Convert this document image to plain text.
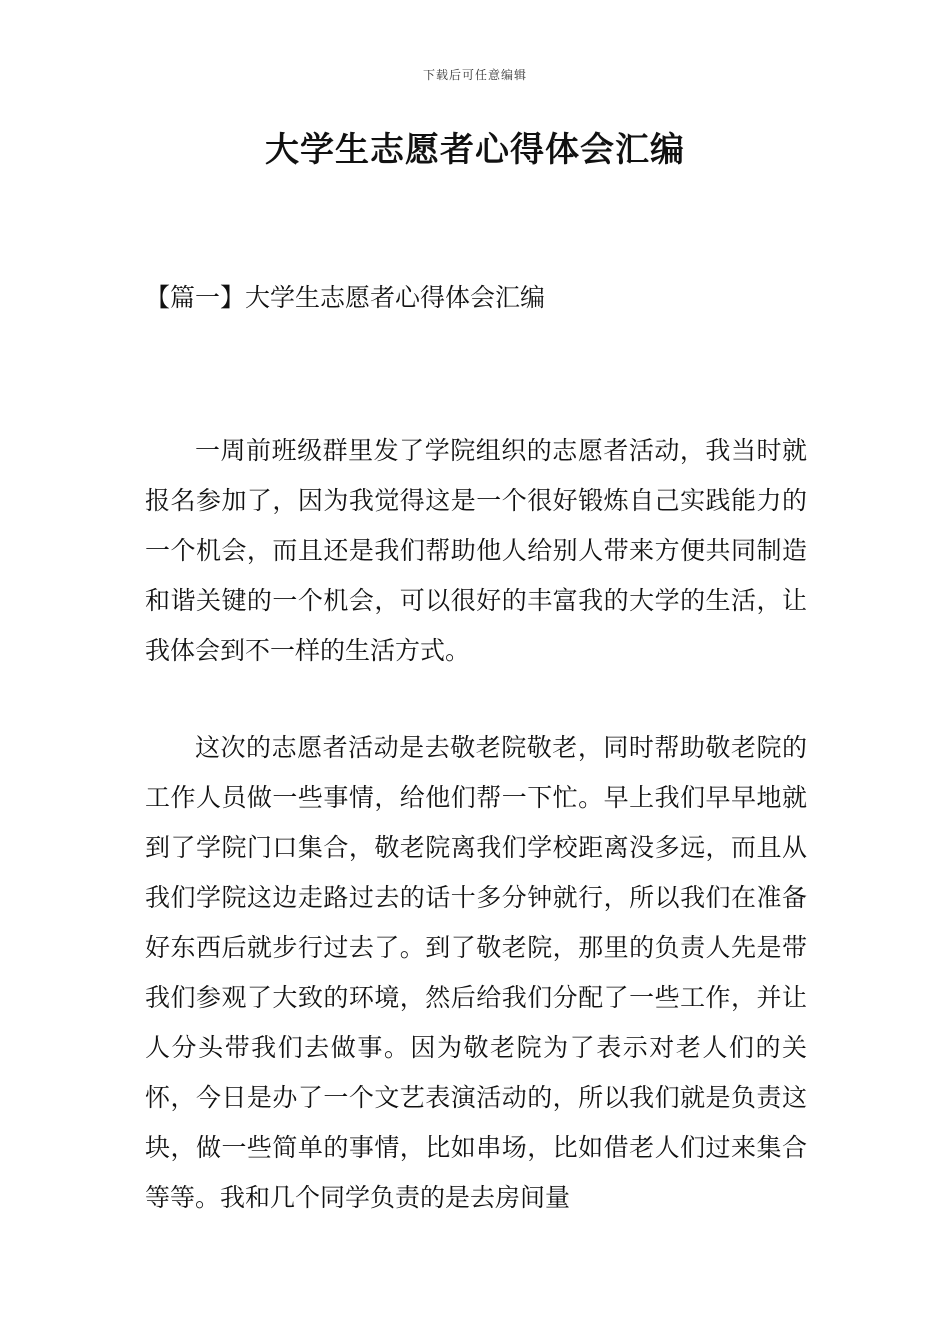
下载后可任意编辑
大学生志愿者心得体会汇编
【篇一】大学生志愿者心得体会汇编

一周前班级群里发了学院组织的志愿者活动，我当时就报名参加了，因为我觉得这是一个很好锻炼自己实践能力的一个机会，而且还是我们帮助他人给别人带来方便共同制造和谐关键的一个机会，可以很好的丰富我的大学的生活，让我体会到不一样的生活方式。

这次的志愿者活动是去敬老院敬老，同时帮助敬老院的工作人员做一些事情，给他们帮一下忙。早上我们早早地就到了学院门口集合，敬老院离我们学校距离没多远，而且从我们学院这边走路过去的话十多分钟就行，所以我们在准备好东西后就步行过去了。到了敬老院，那里的负责人先是带我们参观了大致的环境，然后给我们分配了一些工作，并让人分头带我们去做事。因为敬老院为了表示对老人们的关怀，今日是办了一个文艺表演活动的，所以我们就是负责这块，做一些简单的事情，比如串场，比如借老人们过来集合等等。我和几个同学负责的是去房间量
